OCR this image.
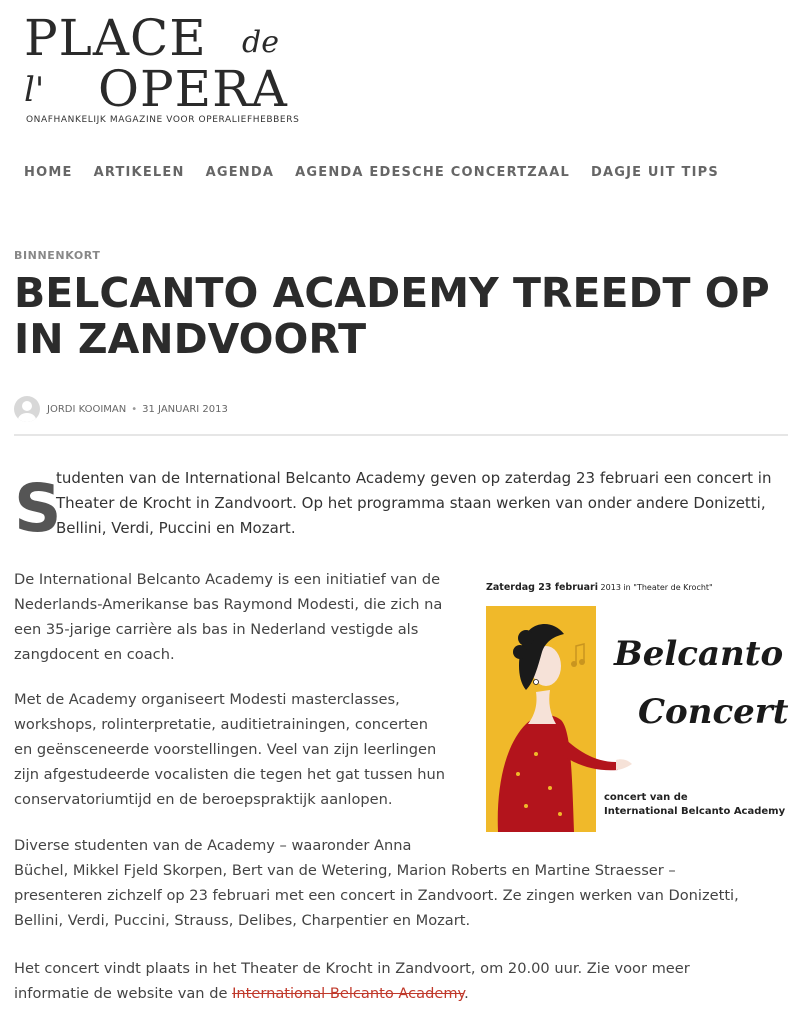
PLACE de
l' OPERA
ONAFHANKELIJK MAGAZINE VOOR OPERALIEFHEBBERS
HOME ARTIKELEN AGENDA AGENDA EDESCHE CONCERTZAAL DAGJE UIT TIPS
BINNENKORT
BELCANTO ACADEMY TREEDT OP
IN ZANDVOORT
JORDI KOOIMAN • 31 JANUARI 2013
S
tudenten van de International Belcanto Academy geven op zaterdag 23 februari een concert in
Theater de Krocht in Zandvoort. Op het programma staan werken van onder andere Donizetti,
Bellini, Verdi, Puccini en Mozart.
De International Belcanto Academy is een initiatief van de
Nederlands-Amerikanse bas Raymond Modesti, die zich na
een 35-jarige carrière als bas in Nederland vestigde als
zangdocent en coach.
Met de Academy organiseert Modesti masterclasses,
workshops, rolinterpretatie, auditietrainingen, concerten
en geënsceneerde voorstellingen. Veel van zijn leerlingen
zijn afgestudeerde vocalisten die tegen het gat tussen hun
conservatoriumtijd en de beroepspraktijk aanlopen.
Diverse studenten van de Academy – waaronder Anna
Büchel, Mikkel Fjeld Skorpen, Bert van de Wetering, Marion Roberts en Martine Straesser –
presenteren zichzelf op 23 februari met een concert in Zandvoort. Ze zingen werken van Donizetti,
Bellini, Verdi, Puccini, Strauss, Delibes, Charpentier en Mozart.
Het concert vindt plaats in het Theater de Krocht in Zandvoort, om 20.00 uur. Zie voor meer
informatie de website van de International Belcanto Academy.
Zaterdag 23 februari 2013 in "Theater de Krocht"
Belcanto
Concert
concert van de
International Belcanto Academy
